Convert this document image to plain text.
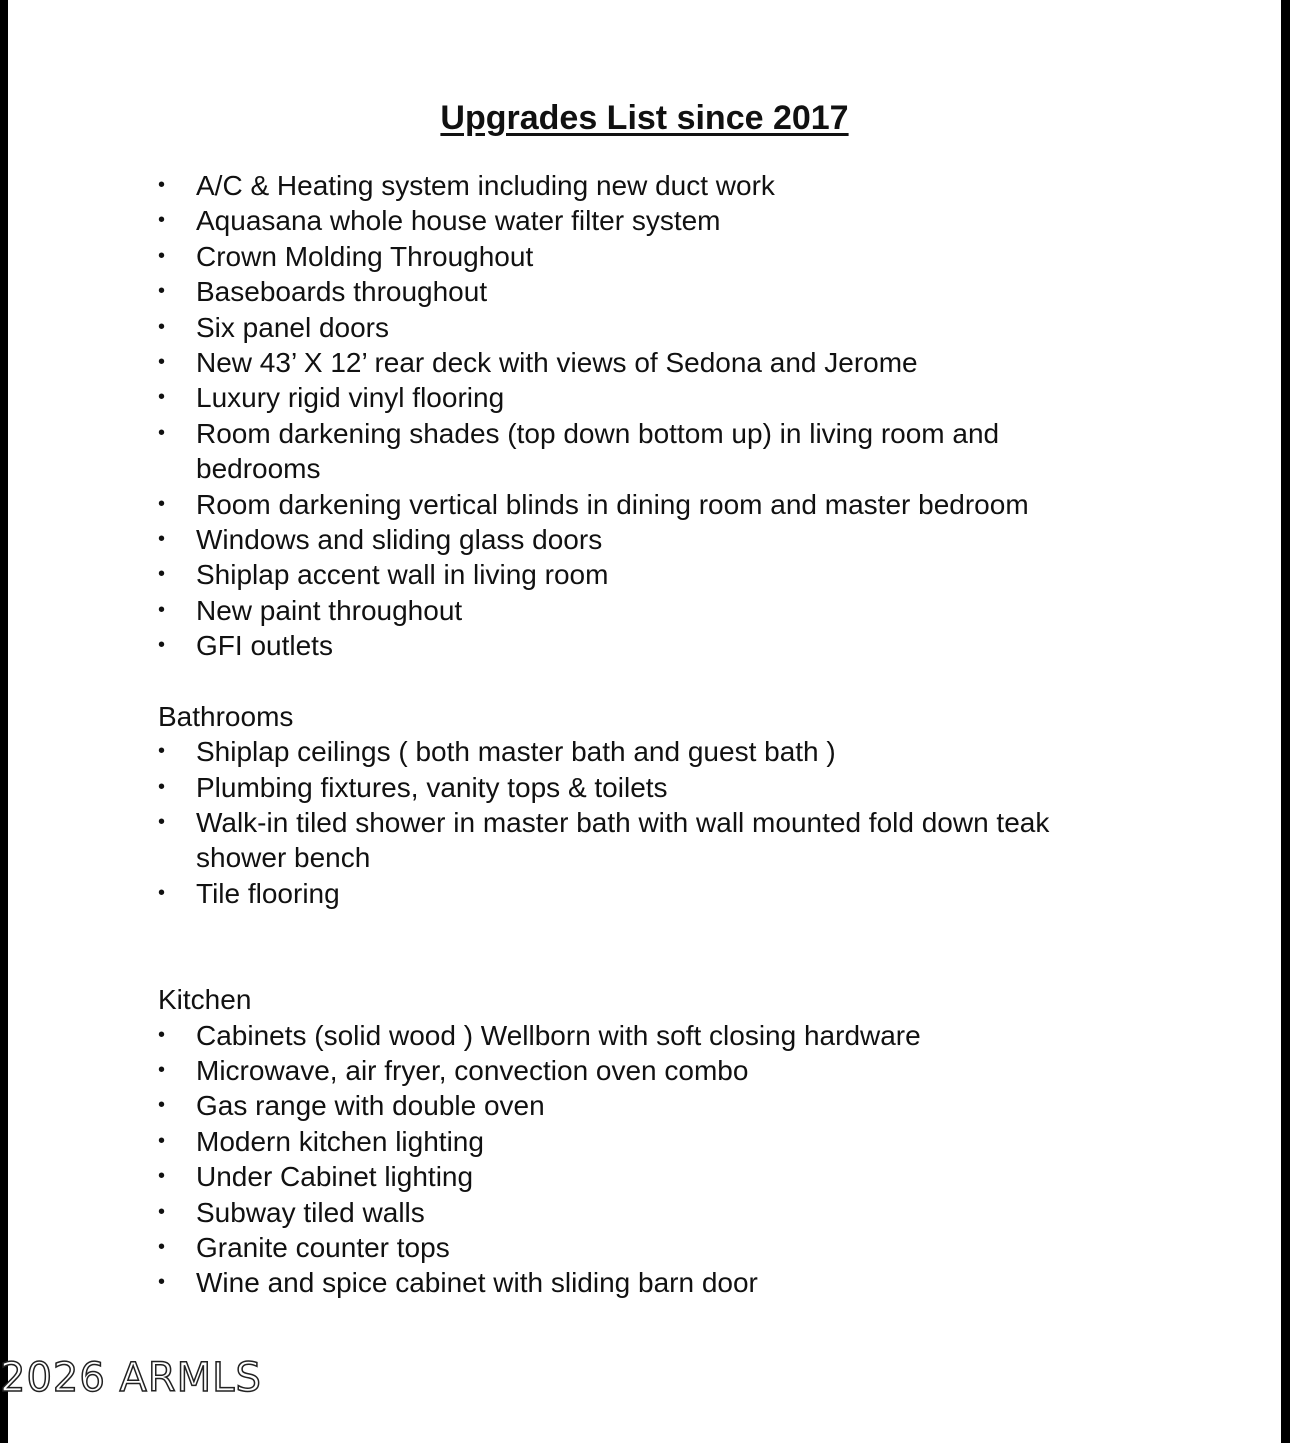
Upgrades List since 2017
•	A/C & Heating system including new duct work
•	Aquasana whole house water filter system
•	Crown Molding Throughout
•	Baseboards throughout
•	Six panel doors
•	New 43’ X 12’ rear deck with views of Sedona and Jerome
•	Luxury rigid vinyl flooring
•	Room darkening shades (top down bottom up) in living room and bedrooms
•	Room darkening vertical blinds in dining room and master bedroom
•	Windows and sliding glass doors
•	Shiplap accent wall in living room
•	New paint throughout
•	GFI outlets
Bathrooms
•	Shiplap ceilings ( both master bath and guest bath )
•	Plumbing fixtures, vanity tops & toilets
•	Walk-in tiled shower in master bath with wall mounted fold down teak shower bench
•	Tile flooring
Kitchen
•	Cabinets (solid wood ) Wellborn with soft closing hardware
•	Microwave, air fryer, convection oven combo
•	Gas range with double oven
•	Modern kitchen lighting
•	Under Cabinet lighting
•	Subway tiled walls
•	Granite counter tops
•	Wine and spice cabinet with sliding barn door
2026 ARMLS
